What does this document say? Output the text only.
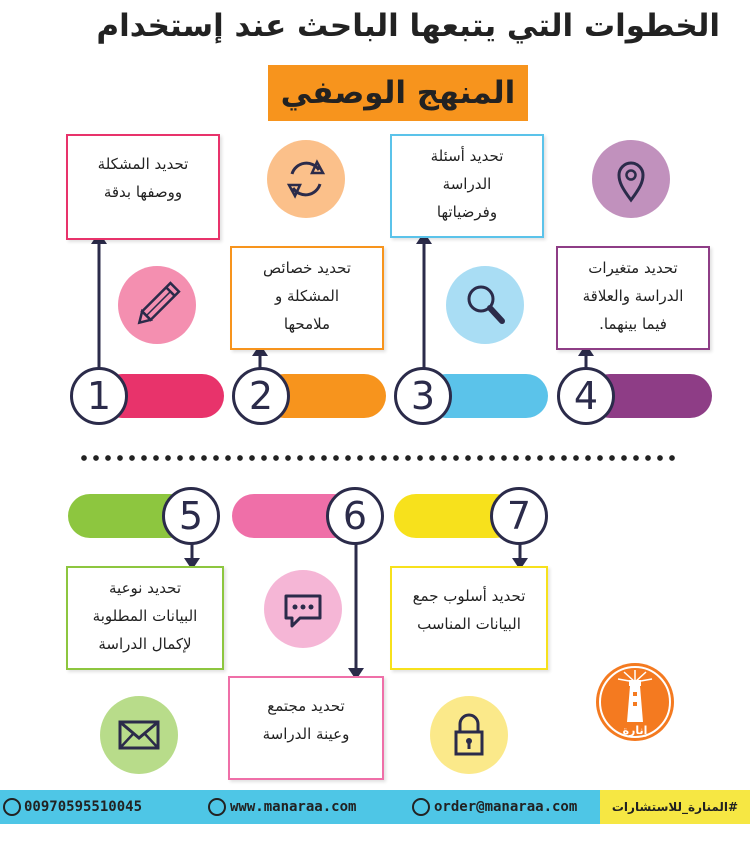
الخطوات التي يتبعها الباحث عند إستخدام
المنهج الوصفي
تحديد المشكلة
ووصفها بدقة
تحديد خصائص
المشكلة و
ملامحها
تحديد أسئلة
الدراسة
وفرضياتها
تحديد متغيرات
الدراسة والعلاقة
فيما بينهما.
1	2	3	4
5	6	7
تحديد نوعية
البيانات المطلوبة
لإكمال الدراسة
تحديد مجتمع
وعينة الدراسة
تحديد أسلوب جمع
البيانات المناسب
إنارة
00970595510045	www.manaraa.com	order@manaraa.com	#المنارة_للاستشارات
